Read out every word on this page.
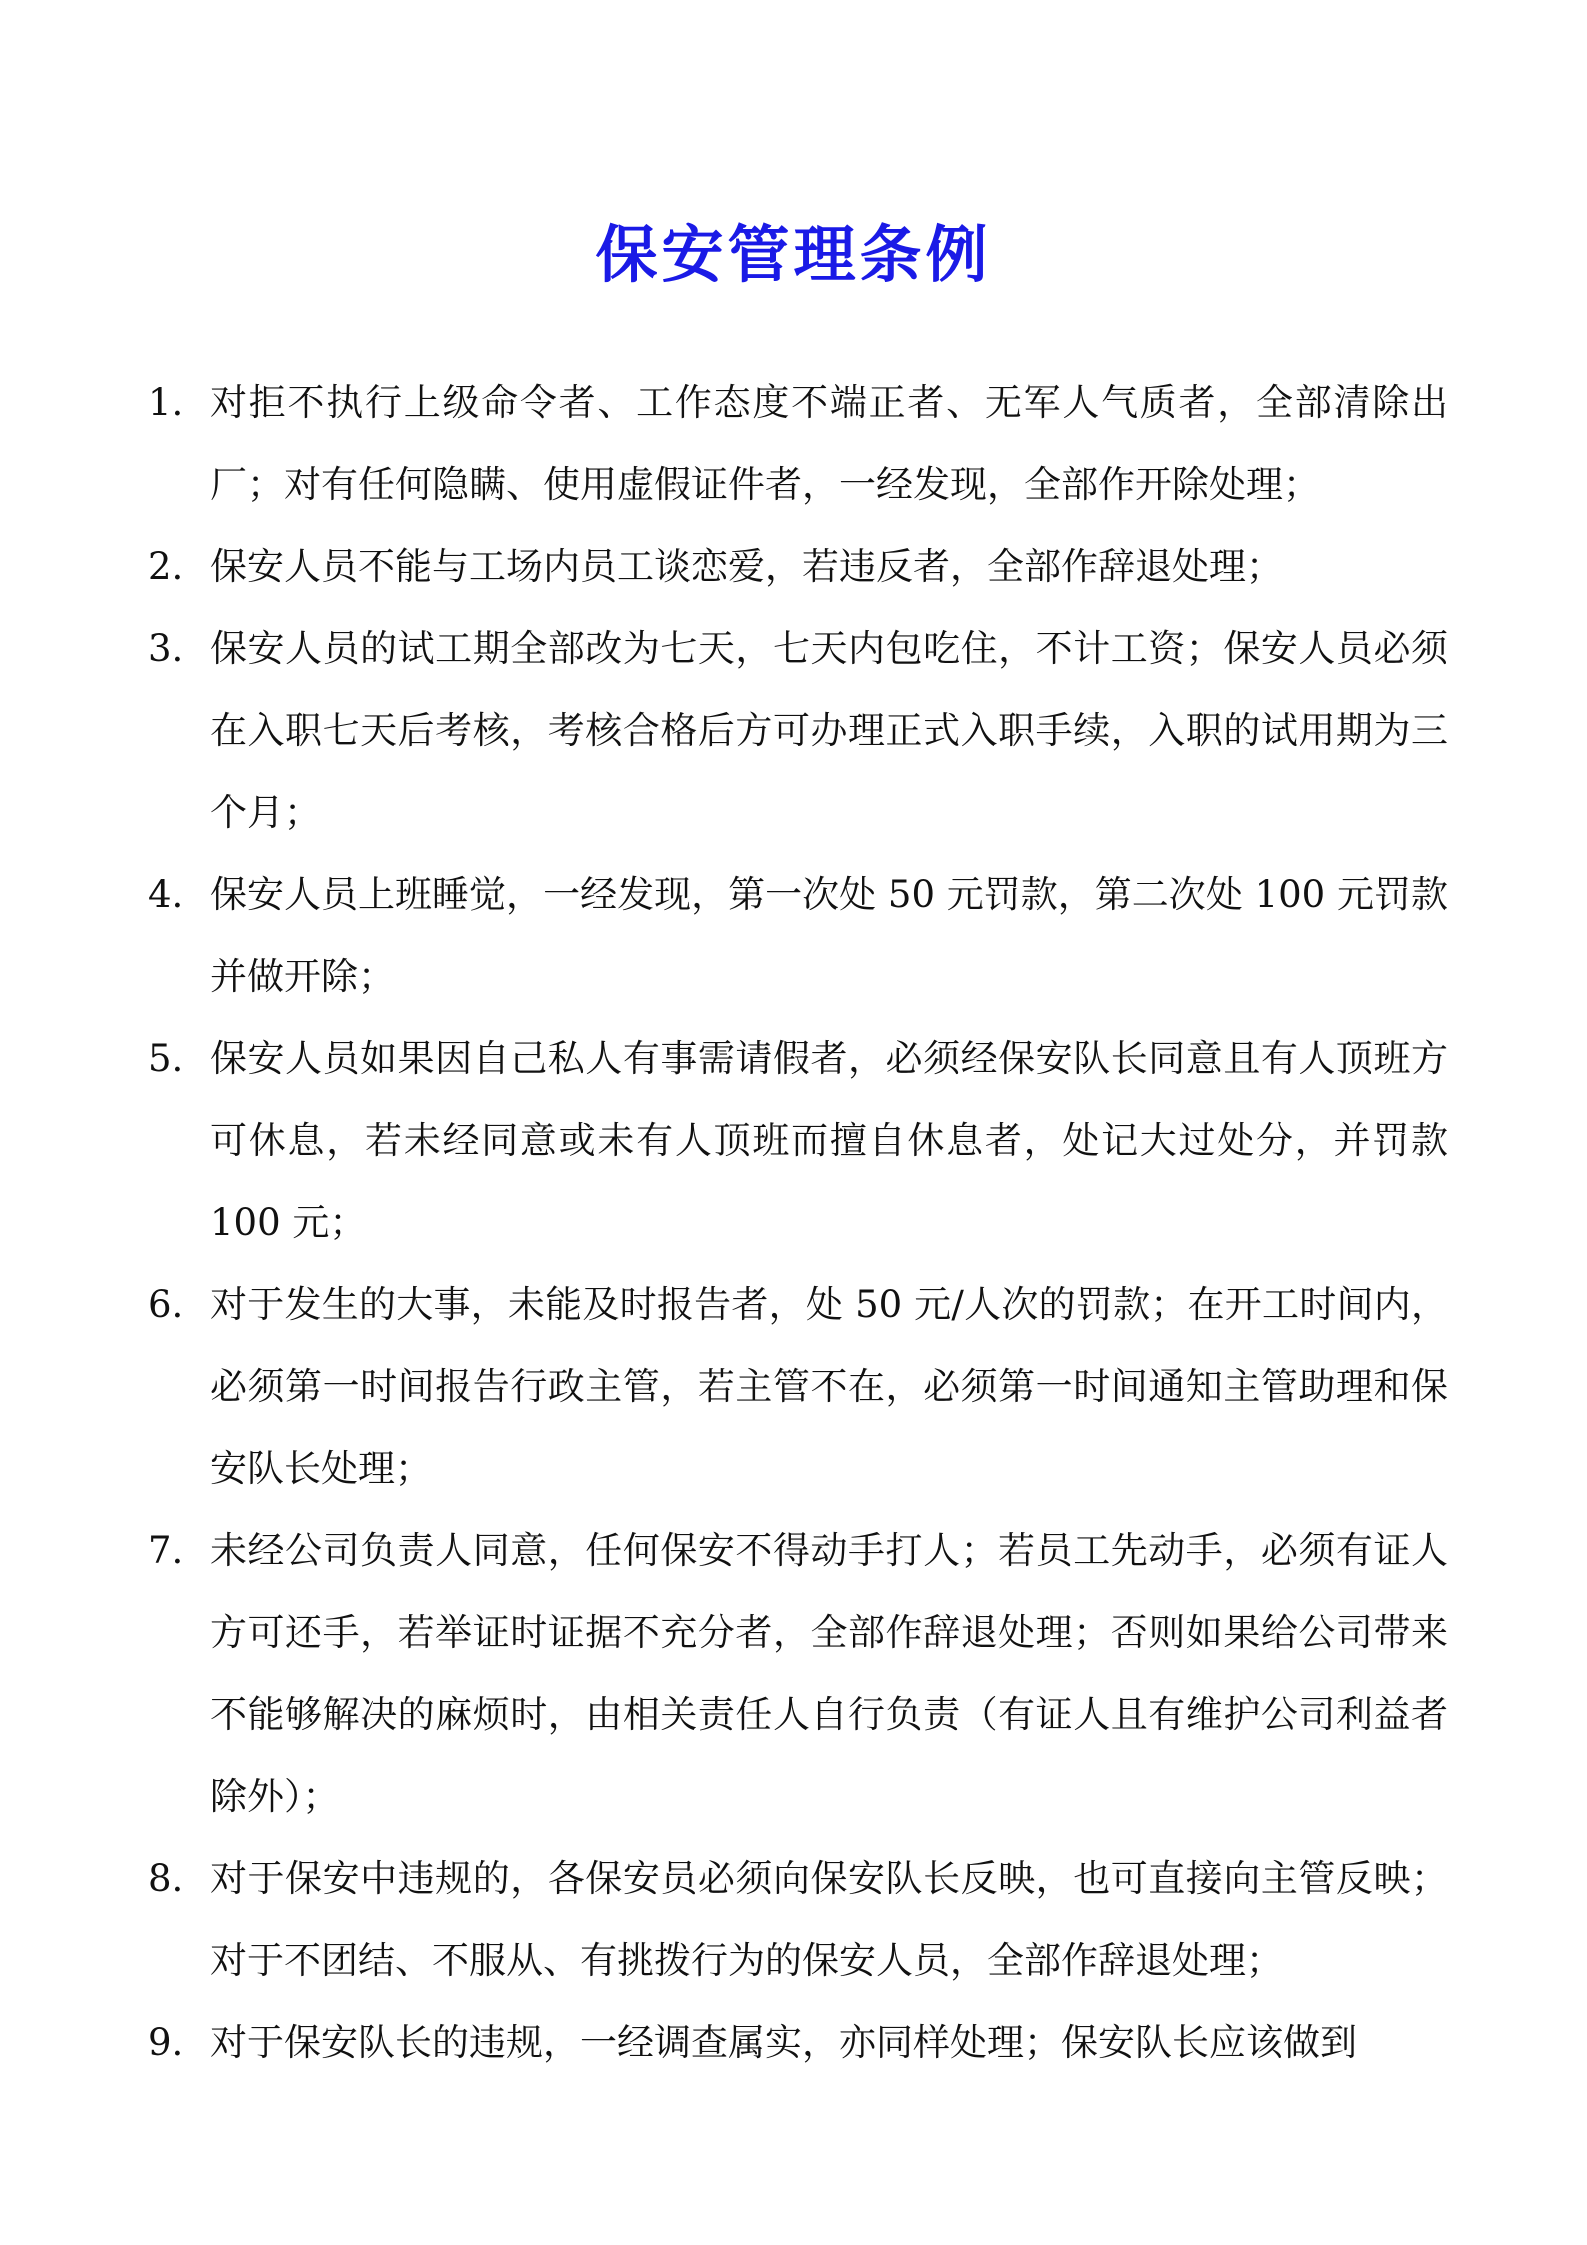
保安管理条例
1. 对拒不执行上级命令者、工作态度不端正者、无军人气质者，全部清除出厂；对有任何隐瞒、使用虚假证件者，一经发现，全部作开除处理；
2. 保安人员不能与工场内员工谈恋爱，若违反者，全部作辞退处理；
3. 保安人员的试工期全部改为七天，七天内包吃住，不计工资；保安人员必须在入职七天后考核，考核合格后方可办理正式入职手续，入职的试用期为三个月；
4. 保安人员上班睡觉，一经发现，第一次处 50 元罚款，第二次处 100 元罚款并做开除；
5. 保安人员如果因自己私人有事需请假者，必须经保安队长同意且有人顶班方可休息，若未经同意或未有人顶班而擅自休息者，处记大过处分，并罚款 100 元；
6. 对于发生的大事，未能及时报告者，处 50 元/人次的罚款；在开工时间内，必须第一时间报告行政主管，若主管不在，必须第一时间通知主管助理和保安队长处理；
7. 未经公司负责人同意，任何保安不得动手打人；若员工先动手，必须有证人方可还手，若举证时证据不充分者，全部作辞退处理；否则如果给公司带来不能够解决的麻烦时，由相关责任人自行负责（有证人且有维护公司利益者除外）；
8. 对于保安中违规的，各保安员必须向保安队长反映，也可直接向主管反映；对于不团结、不服从、有挑拨行为的保安人员，全部作辞退处理；
9. 对于保安队长的违规，一经调查属实，亦同样处理；保安队长应该做到
